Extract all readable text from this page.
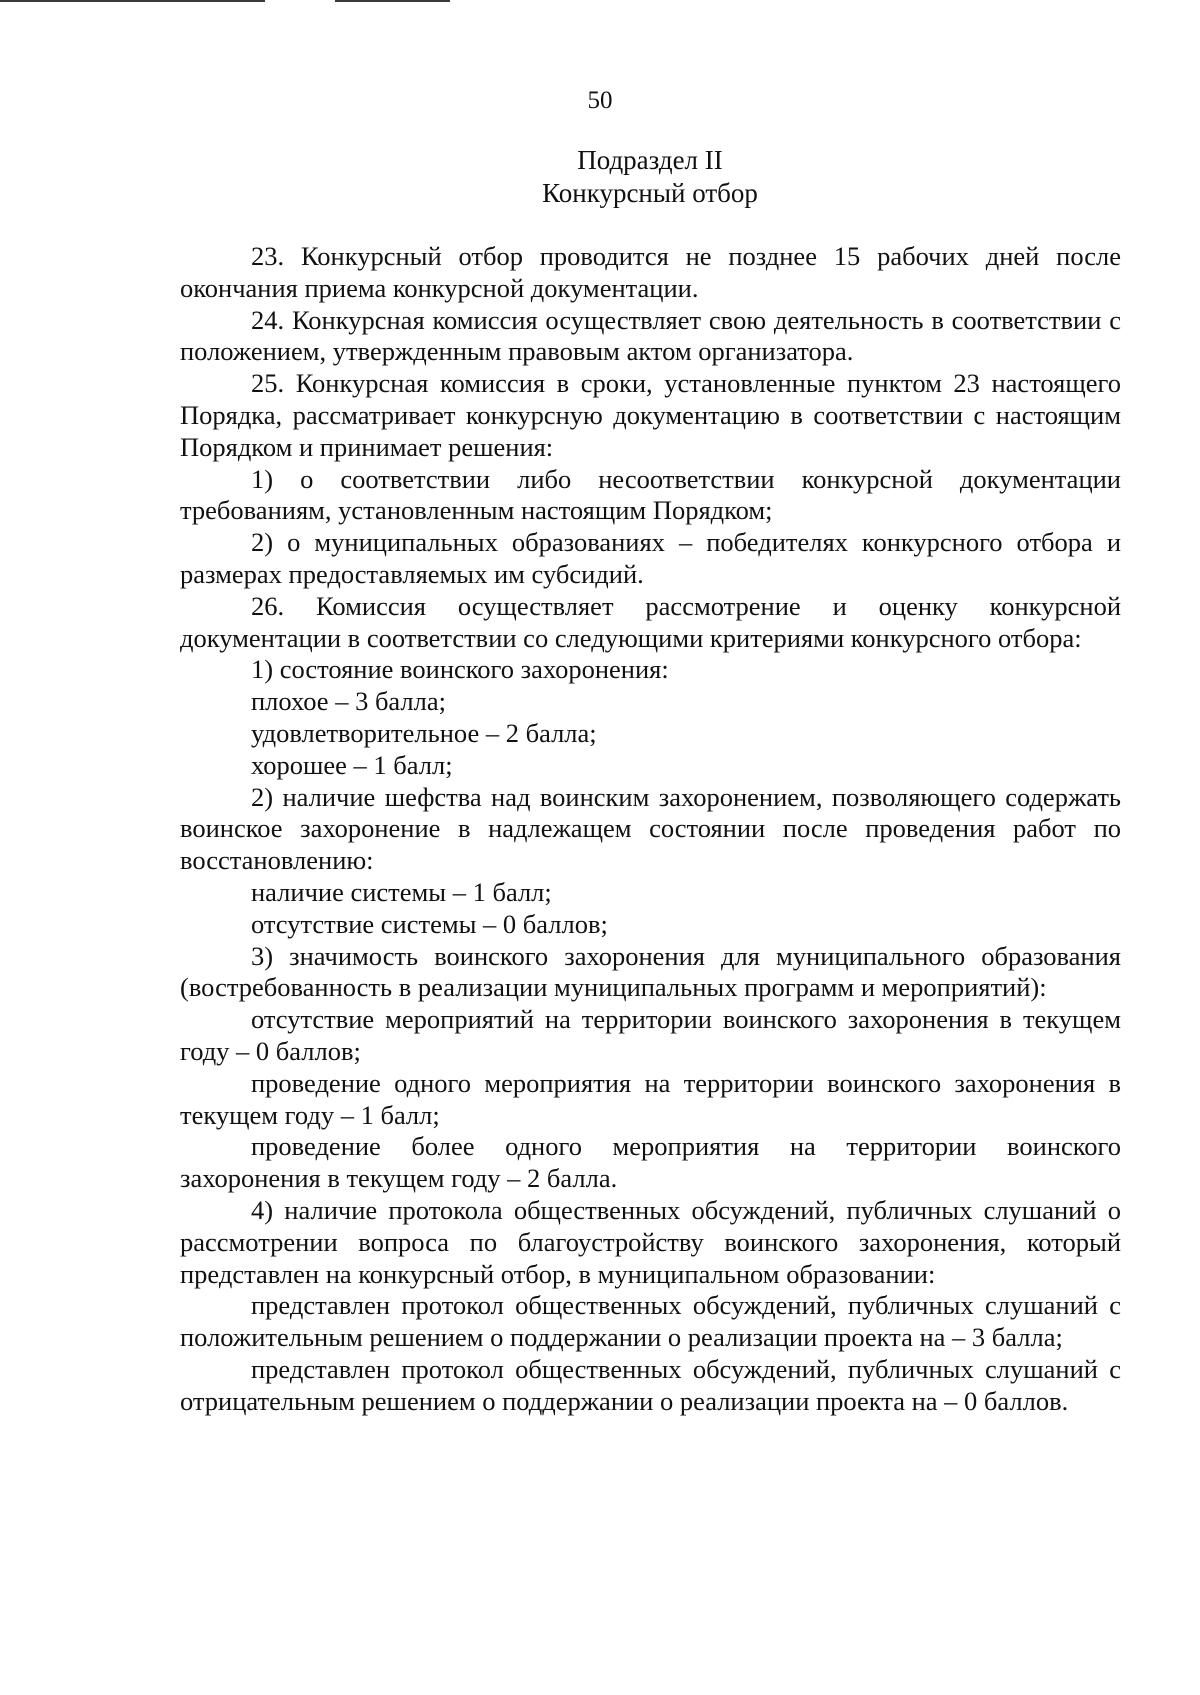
50
Подраздел II
Конкурсный отбор

23. Конкурсный отбор проводится не позднее 15 рабочих дней после окончания приема конкурсной документации.

24. Конкурсная комиссия осуществляет свою деятельность в соответствии с положением, утвержденным правовым актом организатора.

25. Конкурсная комиссия в сроки, установленные пунктом 23 настоящего Порядка, рассматривает конкурсную документацию в соответствии с настоящим Порядком и принимает решения:

1) о соответствии либо несоответствии конкурсной документации требованиям, установленным настоящим Порядком;

2) о муниципальных образованиях – победителях конкурсного отбора и размерах предоставляемых им субсидий.

26. Комиссия осуществляет рассмотрение и оценку конкурсной документации в соответствии со следующими критериями конкурсного отбора:

1) состояние воинского захоронения:

плохое – 3 балла;

удовлетворительное – 2 балла;

хорошее – 1 балл;

2) наличие шефства над воинским захоронением, позволяющего содержать воинское захоронение в надлежащем состоянии после проведения работ по восстановлению:

наличие системы – 1 балл;

отсутствие системы – 0 баллов;

3) значимость воинского захоронения для муниципального образования (востребованность в реализации муниципальных программ и мероприятий):

отсутствие мероприятий на территории воинского захоронения в текущем году – 0 баллов;

проведение одного мероприятия на территории воинского захоронения в текущем году – 1 балл;

проведение более одного мероприятия на территории воинского захоронения в текущем году – 2 балла.

4) наличие протокола общественных обсуждений, публичных слушаний о рассмотрении вопроса по благоустройству воинского захоронения, который представлен на конкурсный отбор, в муниципальном образовании:

представлен протокол общественных обсуждений, публичных слушаний с положительным решением о поддержании о реализации проекта на – 3 балла;

представлен протокол общественных обсуждений, публичных слушаний с отрицательным решением о поддержании о реализации проекта на – 0 баллов.
